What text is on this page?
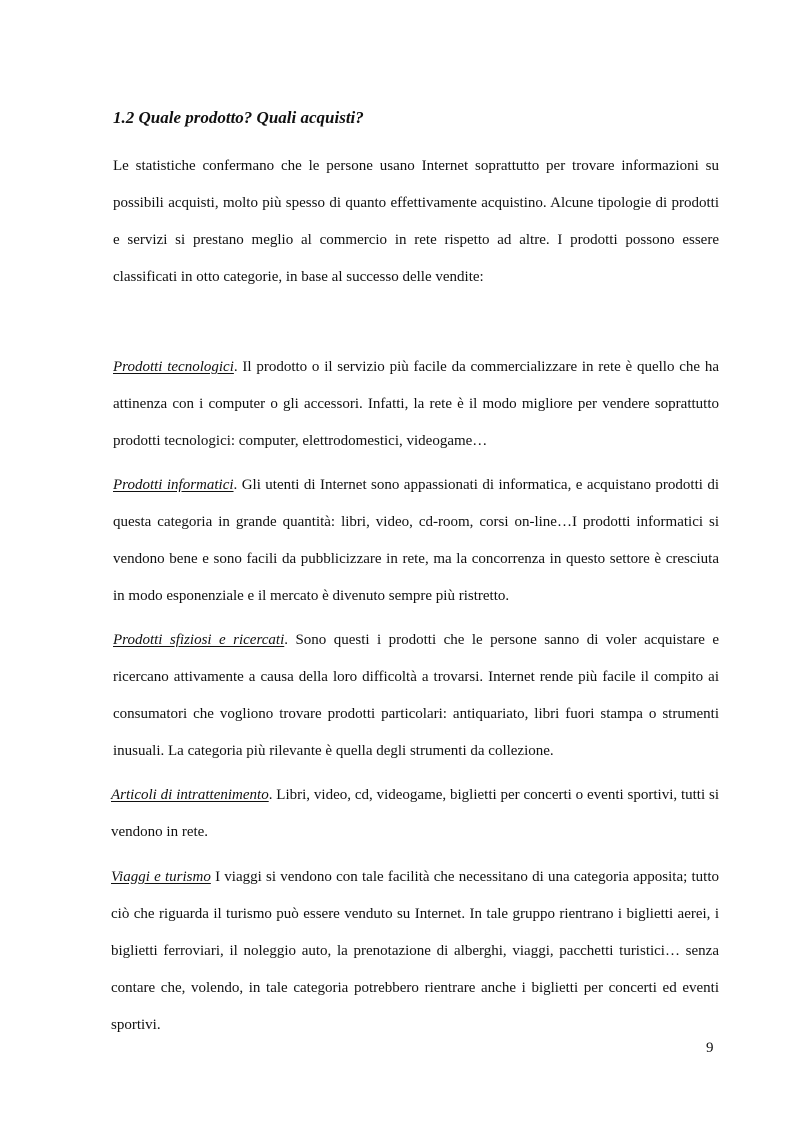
1.2 Quale prodotto? Quali acquisti?

Le statistiche confermano che le persone usano Internet soprattutto per trovare informazioni su possibili acquisti, molto più spesso di quanto effettivamente acquistino. Alcune tipologie di prodotti e servizi si prestano meglio al commercio in rete rispetto ad altre. I prodotti possono essere classificati in otto categorie, in base al successo delle vendite:

Prodotti tecnologici. Il prodotto o il servizio più facile da commercializzare in rete è quello che ha attinenza con i computer o gli accessori. Infatti, la rete è il modo migliore per vendere soprattutto prodotti tecnologici: computer, elettrodomestici, videogame…

Prodotti informatici. Gli utenti di Internet sono appassionati di informatica, e acquistano prodotti di questa categoria in grande quantità: libri, video, cd-room, corsi on-line…I prodotti informatici si vendono bene e sono facili da pubblicizzare in rete, ma la concorrenza in questo settore è cresciuta in modo esponenziale e il mercato è divenuto sempre più ristretto.

Prodotti sfiziosi e ricercati. Sono questi i prodotti che le persone sanno di voler acquistare e ricercano attivamente a causa della loro difficoltà a trovarsi. Internet rende più facile il compito ai consumatori che vogliono trovare prodotti particolari: antiquariato, libri fuori stampa o strumenti inusuali. La categoria più rilevante è quella degli strumenti da collezione.

Articoli di intrattenimento. Libri, video, cd, videogame, biglietti per concerti o eventi sportivi, tutti si vendono in rete.

Viaggi e turismo I viaggi si vendono con tale facilità che necessitano di una categoria apposita; tutto ciò che riguarda il turismo può essere venduto su Internet. In tale gruppo rientrano i biglietti aerei, i biglietti ferroviari, il noleggio auto, la prenotazione di alberghi, viaggi, pacchetti turistici… senza contare che, volendo, in tale categoria potrebbero rientrare anche i biglietti per concerti ed eventi sportivi.

9
